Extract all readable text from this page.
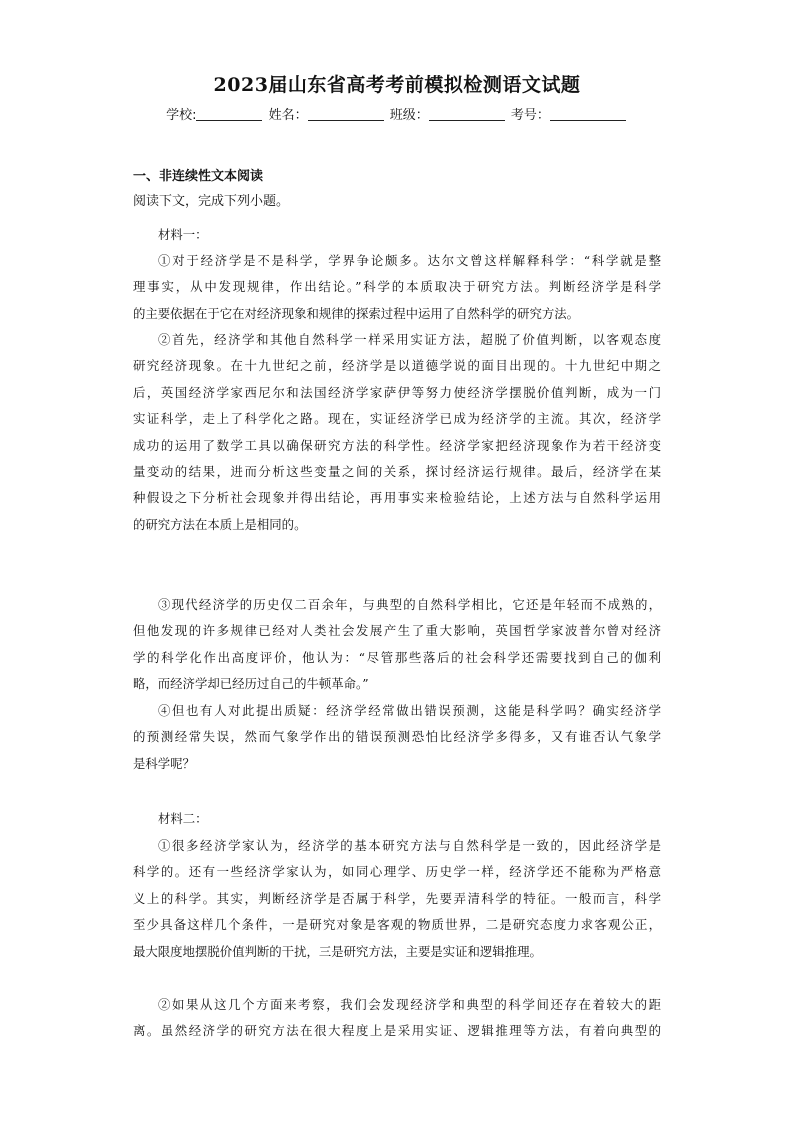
2023届山东省高考考前模拟检测语文试题
学校:	姓名：	班级：	考号：
一、非连续性文本阅读
阅读下文，完成下列小题。
材料一：
①对于经济学是不是科学，学界争论颇多。达尔文曾这样解释科学：“科学就是整
理事实，从中发现规律，作出结论。”科学的本质取决于研究方法。判断经济学是科学
的主要依据在于它在对经济现象和规律的探索过程中运用了自然科学的研究方法。
②首先，经济学和其他自然科学一样采用实证方法，超脱了价值判断，以客观态度
研究经济现象。在十九世纪之前，经济学是以道德学说的面目出现的。十九世纪中期之
后，英国经济学家西尼尔和法国经济学家萨伊等努力使经济学摆脱价值判断，成为一门
实证科学，走上了科学化之路。现在，实证经济学已成为经济学的主流。其次，经济学
成功的运用了数学工具以确保研究方法的科学性。经济学家把经济现象作为若干经济变
量变动的结果，进而分析这些变量之间的关系，探讨经济运行规律。最后，经济学在某
种假设之下分析社会现象并得出结论，再用事实来检验结论，上述方法与自然科学运用
的研究方法在本质上是相同的。
③现代经济学的历史仅二百余年，与典型的自然科学相比，它还是年轻而不成熟的，
但他发现的许多规律已经对人类社会发展产生了重大影响，英国哲学家波普尔曾对经济
学的科学化作出高度评价，他认为：“尽管那些落后的社会科学还需要找到自己的伽利
略，而经济学却已经历过自己的牛顿革命。”
④但也有人对此提出质疑：经济学经常做出错误预测，这能是科学吗？确实经济学
的预测经常失误，然而气象学作出的错误预测恐怕比经济学多得多，又有谁否认气象学
是科学呢？
材料二：
①很多经济学家认为，经济学的基本研究方法与自然科学是一致的，因此经济学是
科学的。还有一些经济学家认为，如同心理学、历史学一样，经济学还不能称为严格意
义上的科学。其实，判断经济学是否属于科学，先要弄清科学的特征。一般而言，科学
至少具备这样几个条件，一是研究对象是客观的物质世界，二是研究态度力求客观公正，
最大限度地摆脱价值判断的干扰，三是研究方法，主要是实证和逻辑推理。
②如果从这几个方面来考察，我们会发现经济学和典型的科学间还存在着较大的距
离。虽然经济学的研究方法在很大程度上是采用实证、逻辑推理等方法，有着向典型的
